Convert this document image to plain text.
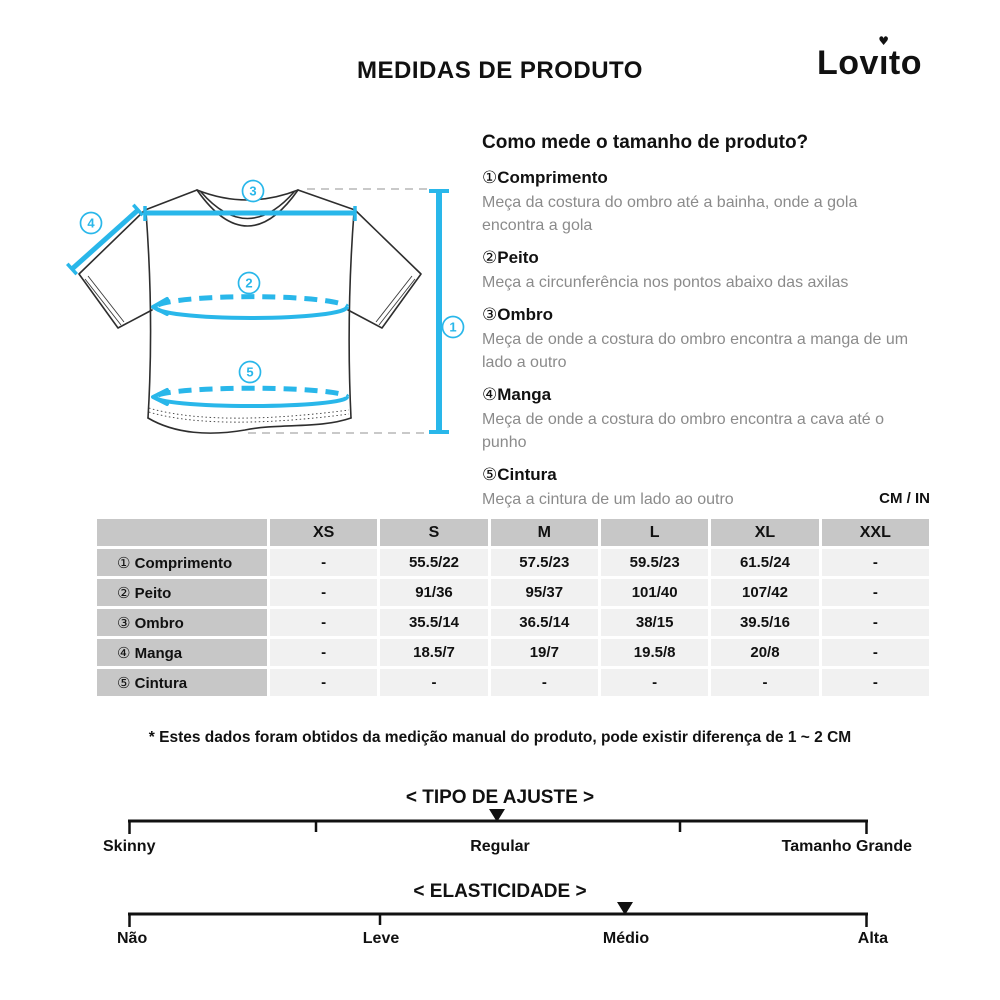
MEDIDAS DE PRODUTO	Lovı
♥
to
3
4
2
5
1
Como mede o tamanho de produto?
①Comprimento
Meça da costura do ombro até a bainha, onde a gola encontra a gola
②Peito
Meça a circunferência nos pontos abaixo das axilas
③Ombro
Meça de onde a costura do ombro encontra a manga de um lado a outro
④Manga
Meça de onde a costura do ombro encontra a cava até o punho
⑤Cintura
Meça a cintura de um lado ao outro	CM / IN
	XS	S	M	L	XL	XXL
① Comprimento	-	55.5/22	57.5/23	59.5/23	61.5/24	-
② Peito	-	91/36	95/37	101/40	107/42	-
③ Ombro	-	35.5/14	36.5/14	38/15	39.5/16	-
④ Manga	-	18.5/7	19/7	19.5/8	20/8	-
⑤ Cintura	-	-	-	-	-	-
* Estes dados foram obtidos da medição manual do produto, pode existir diferença de 1 ~ 2 CM
< TIPO DE AJUSTE >
Skinny	Regular	Tamanho Grande
< ELASTICIDADE >
Não	Leve	Médio	Alta
